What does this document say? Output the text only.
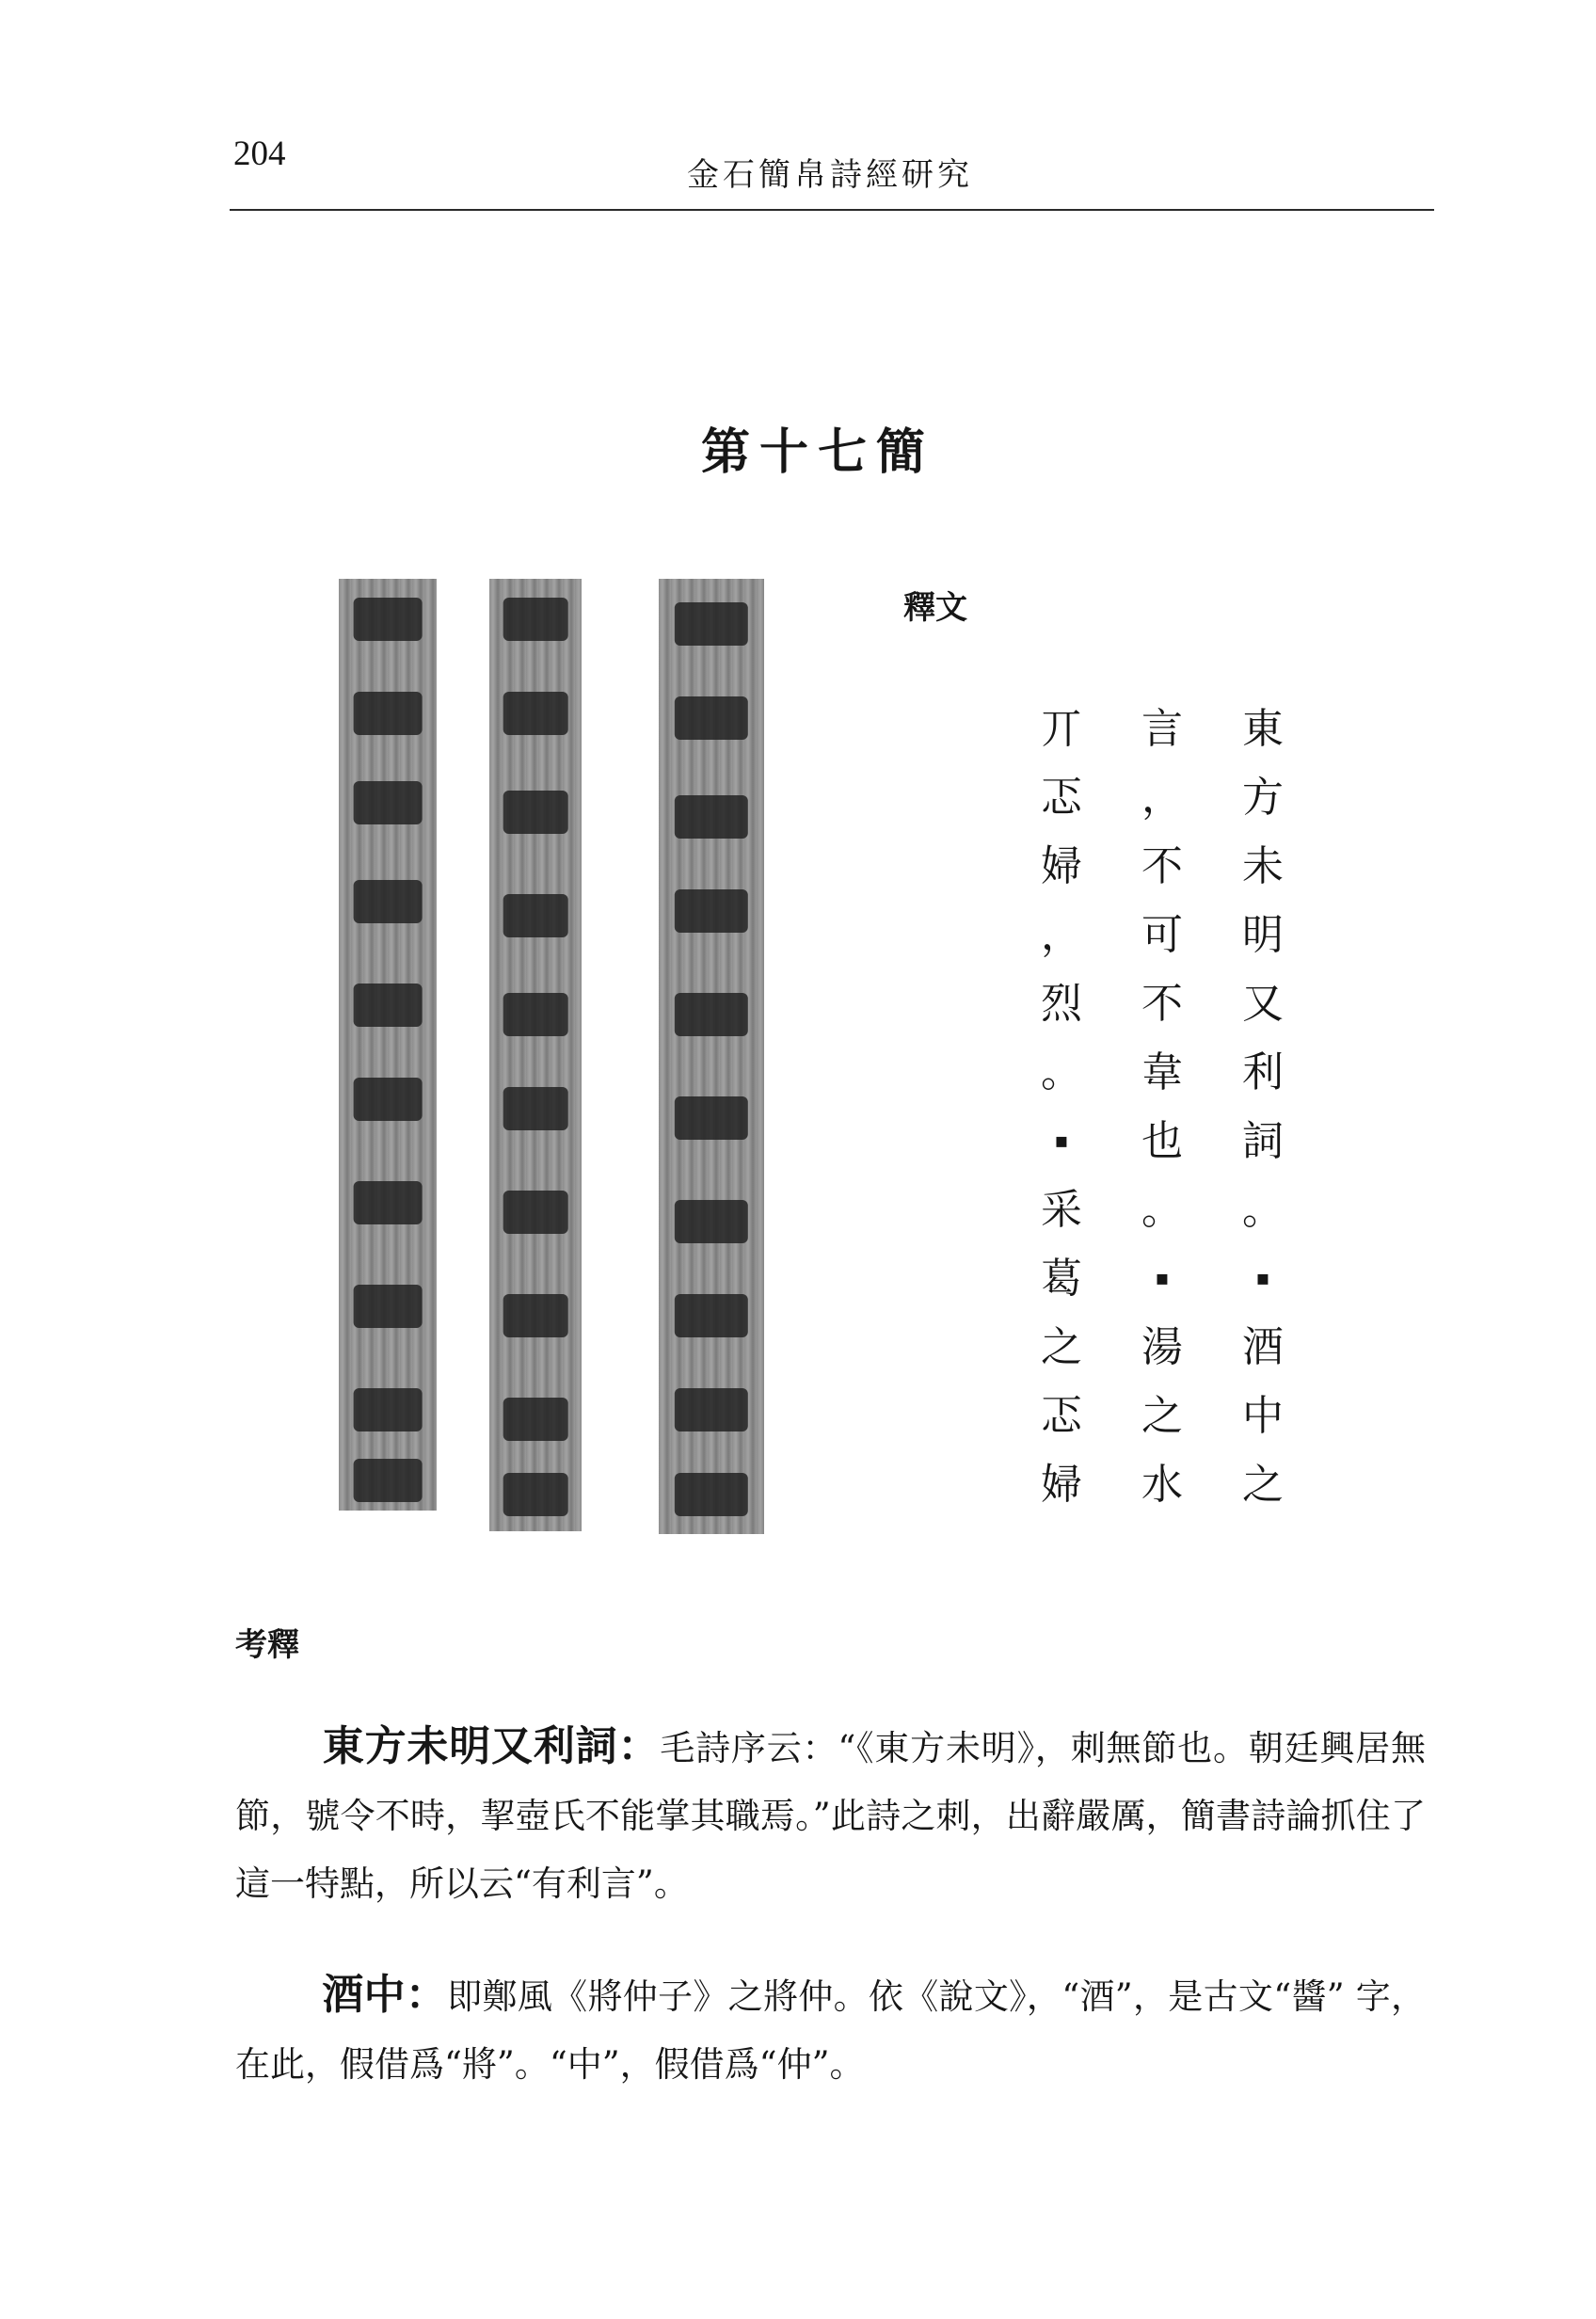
204
金石簡帛詩經研究
第十七簡
釋文
東
方
未
明
又
利
詞
。
▪
酒
中
之
言
，
不
可
不
韋
也
。
▪
湯
之
水
丌
忑
婦
，
烈
。
▪
采
葛
之
忑
婦
考釋
東方未明又利詞：毛詩序云：“《東方未明》，刺無節也。朝廷興居無節，號令不時，挈壺氏不能掌其職焉。”此詩之刺，出辭嚴厲，簡書詩論抓住了這一特點，所以云“有利言”。
酒中：即鄭風《將仲子》之將仲。依《說文》，“酒”，是古文“醬” 字，在此，假借爲“將”。“中”，假借爲“仲”。
